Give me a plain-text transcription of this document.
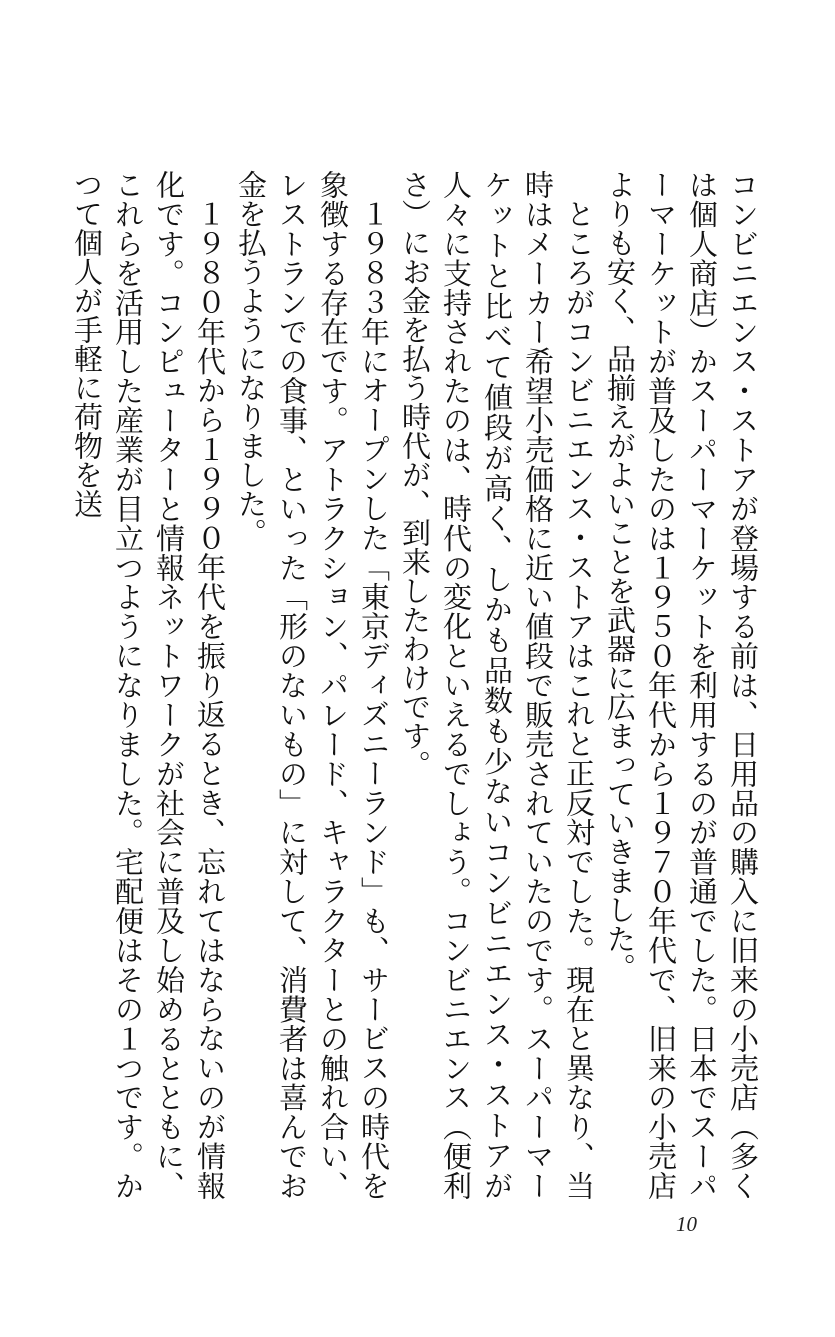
コンビニエンス・ストアが登場する前は、日用品の購入に旧来の小売店（多くは個人商店）かスーパーマーケットを利用するのが普通でした。日本でスーパーマーケットが普及したのは１９５０年代から１９７０年代で、旧来の小売店よりも安く、品揃えがよいことを武器に広まっていきました。

ところがコンビニエンス・ストアはこれと正反対でした。現在と異なり、当時はメーカー希望小売価格に近い値段で販売されていたのです。スーパーマーケットと比べて値段が高く、しかも品数も少ないコンビニエンス・ストアが人々に支持されたのは、時代の変化といえるでしょう。コンビニエンス（便利さ）にお金を払う時代が、到来したわけです。

１９８３年にオープンした「東京ディズニーランド」も、サービスの時代を象徴する存在です。アトラクション、パレード、キャラクターとの触れ合い、レストランでの食事、といった「形のないもの」に対して、消費者は喜んでお金を払うようになりました。

１９８０年代から１９９０年代を振り返るとき、忘れてはならないのが情報化です。コンピューターと情報ネットワークが社会に普及し始めるとともに、これらを活用した産業が目立つようになりました。宅配便はその１つです。かつて個人が手軽に荷物を送

10
